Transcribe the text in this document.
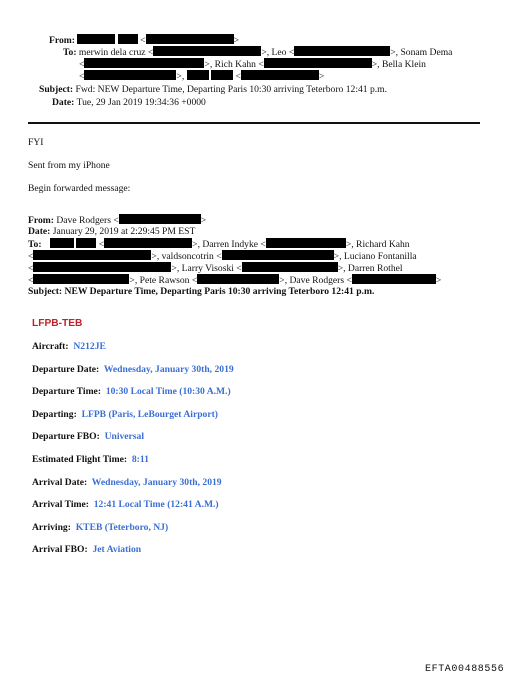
From:	<	>
To: merwin dela cruz <	>, Leo <	>, Sonam Dema
<	>, Rich Kahn <	>, Bella Klein
<	>,	<	>
Subject: Fwd: NEW Departure Time, Departing Paris 10:30 arriving Teterboro 12:41 p.m.
Date: Tue, 29 Jan 2019 19:34:36 +0000
FYI
Sent from my iPhone
Begin forwarded message:
From: Dave Rodgers <	>
Date: January 29, 2019 at 2:29:45 PM EST
To:	<	>, Darren Indyke <	>, Richard Kahn
<	>, valdsoncotrin <	>, Luciano Fontanilla
<	>, Larry Visoski <	>, Darren Rothel
<	>, Pete Rawson <	>, Dave Rodgers <	>
Subject: NEW Departure Time, Departing Paris 10:30 arriving Teterboro 12:41 p.m.
LFPB-TEB
Aircraft: N212JE
Departure Date: Wednesday, January 30th, 2019
Departure Time: 10:30 Local Time (10:30 A.M.)
Departing: LFPB (Paris, LeBourget Airport)
Departure FBO: Universal
Estimated Flight Time: 8:11
Arrival Date: Wednesday, January 30th, 2019
Arrival Time: 12:41 Local Time (12:41 A.M.)
Arriving: KTEB (Teterboro, NJ)
Arrival FBO: Jet Aviation
EFTA00488556
